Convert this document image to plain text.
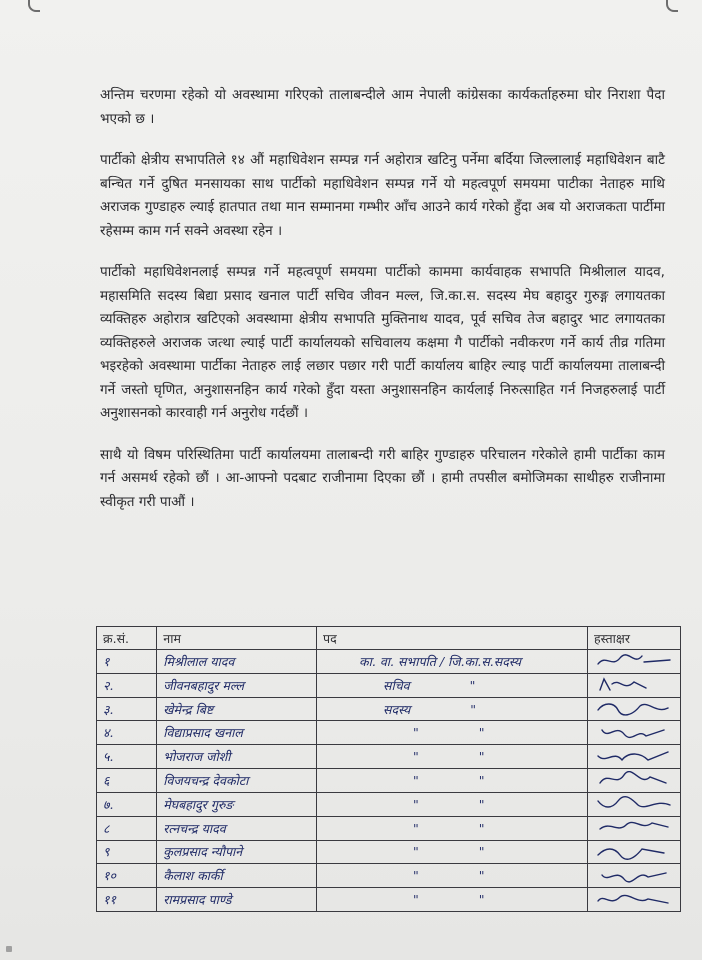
अन्तिम चरणमा रहेको यो अवस्थामा गरिएको तालाबन्दीले आम नेपाली कांग्रेसका कार्यकर्ताहरुमा घोर निराशा पैदा भएको छ ।

पार्टीको क्षेत्रीय सभापतिले १४ औं महाधिवेशन सम्पन्न गर्न अहोरात्र खटिनु पर्नेमा बर्दिया जिल्लालाई महाधिवेशन बाटै बन्चित गर्ने दुषित मनसायका साथ पार्टीको महाधिवेशन सम्पन्न गर्ने यो महत्वपूर्ण समयमा पाटीका नेताहरु माथि अराजक गुण्डाहरु ल्याई हातपात तथा मान सम्मानमा गम्भीर आँच आउने कार्य गरेको हुँदा अब यो अराजकता पार्टीमा रहेसम्म काम गर्न सक्ने अवस्था रहेन ।

पार्टीको महाधिवेशनलाई सम्पन्न गर्ने महत्वपूर्ण समयमा पार्टीको काममा कार्यवाहक सभापति मिश्रीलाल यादव, महासमिति सदस्य बिद्या प्रसाद खनाल पार्टी सचिव जीवन मल्ल, जि.का.स. सदस्य मेघ बहादुर गुरुङ्ग लगायतका व्यक्तिहरु अहोरात्र खटिएको अवस्थामा क्षेत्रीय सभापति मुक्तिनाथ यादव, पूर्व सचिव तेज बहादुर भाट लगायतका व्यक्तिहरुले अराजक जत्था ल्याई पार्टी कार्यालयको सचिवालय कक्षमा गै पार्टीको नवीकरण गर्ने कार्य तीव्र गतिमा भइरहेको अवस्थामा पार्टीका नेताहरु लाई लछार पछार गरी पार्टी कार्यालय बाहिर ल्याइ पार्टी कार्यालयमा तालाबन्दी गर्ने जस्तो घृणित, अनुशासनहिन कार्य गरेको हुँदा यस्ता अनुशासनहिन कार्यलाई निरुत्साहित गर्न निजहरुलाई पार्टी अनुशासनको कारवाही गर्न अनुरोध गर्दछौं ।

साथै यो विषम परिस्थितिमा पार्टी कार्यालयमा तालाबन्दी गरी बाहिर गुण्डाहरु परिचालन गरेकोले हामी पार्टीका काम गर्न असमर्थ रहेको छौं । आ-आफ्नो पदबाट राजीनामा दिएका छौं । हामी तपसील बमोजिमका साथीहरु राजीनामा स्वीकृत गरी पाऔं ।

क्र.सं.	नाम	पद	हस्ताक्षर
१	मिश्रीलाल यादव	का. वा. सभापति / जि.का.स.सदस्य	

२.	जीवनबहादुर मल्ल	सचिव "	

३.	खेमेन्द्र बिष्ट	सदस्य "	

४.	विद्याप्रसाद खनाल	" "	

५.	भोजराज जोशी	" "	

६	विजयचन्द्र देवकोटा	" "	

७.	मेघबहादुर गुरुङ	" "	

८	रत्नचन्द्र यादव	" "	

९	कुलप्रसाद न्यौपाने	" "	

१०	कैलाश कार्की	" "	

११	रामप्रसाद पाण्डे	" "	
